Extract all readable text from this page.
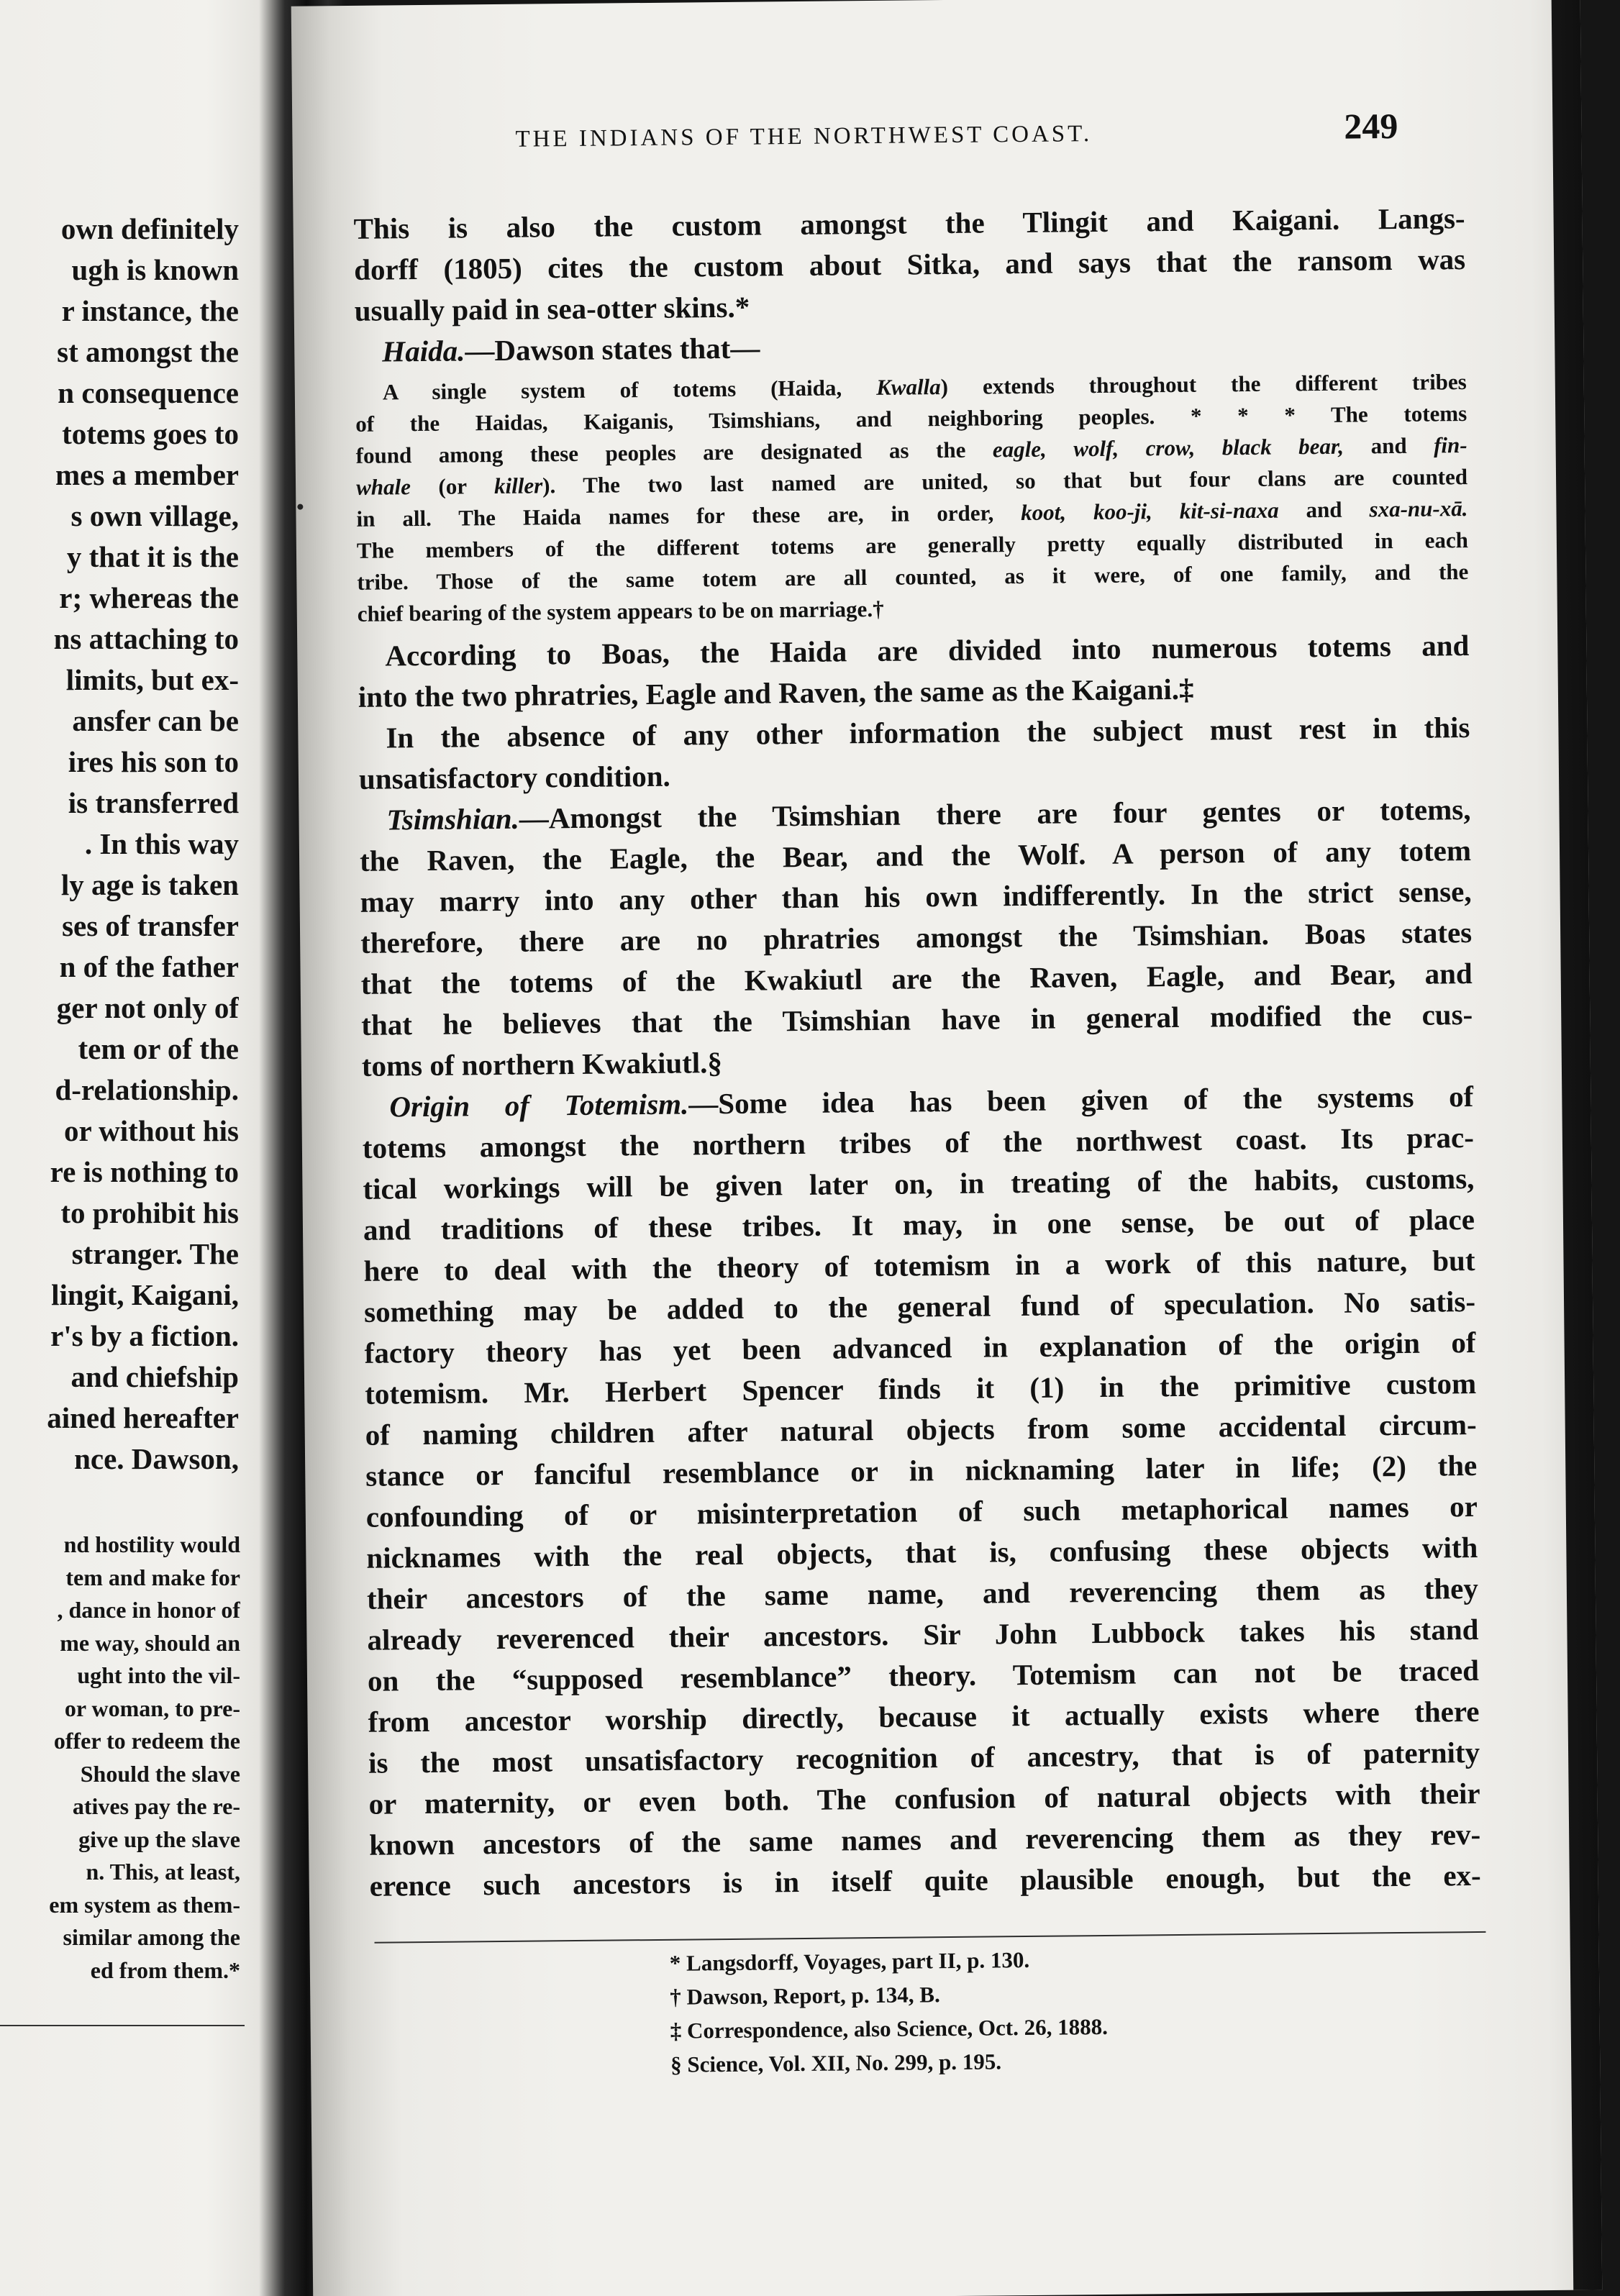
own definitely
ugh is known
r instance, the
st amongst the
n consequence
totems goes to
mes a member
s own village,
y that it is the
r; whereas the
ns attaching to
limits, but ex-
ansfer can be
ires his son to
is transferred
. In this way
ly age is taken
ses of transfer
n of the father
ger not only of
tem or of the
d-relationship.
or without his
re is nothing to
to prohibit his
stranger. The
lingit, Kaigani,
r's by a fiction.
and chiefship
ained hereafter
nce. Dawson,
nd hostility would
tem and make for
, dance in honor of
me way, should an
ught into the vil-
or woman, to pre-
offer to redeem the
Should the slave
atives pay the re-
give up the slave
n. This, at least,
em system as them-
similar among the
ed from them.*
THE INDIANS OF THE NORTHWEST COAST.	249
This is also the custom amongst the Tlingit and Kaigani. Langs-
dorff (1805) cites the custom about Sitka, and says that the ransom was
usually paid in sea-otter skins.*
Haida.—Dawson states that—
A single system of totems (Haida, Kwalla) extends throughout the different tribes
of the Haidas, Kaiganis, Tsimshians, and neighboring peoples. * * * The totems
found among these peoples are designated as the eagle, wolf, crow, black bear, and fin-
whale (or killer). The two last named are united, so that but four clans are counted
in all. The Haida names for these are, in order, koot, koo-ji, kit-si-naxa and sxa-nu-xā.
The members of the different totems are generally pretty equally distributed in each
tribe. Those of the same totem are all counted, as it were, of one family, and the
chief bearing of the system appears to be on marriage.†
According to Boas, the Haida are divided into numerous totems and
into the two phratries, Eagle and Raven, the same as the Kaigani.‡
In the absence of any other information the subject must rest in this
unsatisfactory condition.
Tsimshian.—Amongst the Tsimshian there are four gentes or totems,
the Raven, the Eagle, the Bear, and the Wolf. A person of any totem
may marry into any other than his own indifferently. In the strict sense,
therefore, there are no phratries amongst the Tsimshian. Boas states
that the totems of the Kwakiutl are the Raven, Eagle, and Bear, and
that he believes that the Tsimshian have in general modified the cus-
toms of northern Kwakiutl.§
Origin of Totemism.—Some idea has been given of the systems of
totems amongst the northern tribes of the northwest coast. Its prac-
tical workings will be given later on, in treating of the habits, customs,
and traditions of these tribes. It may, in one sense, be out of place
here to deal with the theory of totemism in a work of this nature, but
something may be added to the general fund of speculation. No satis-
factory theory has yet been advanced in explanation of the origin of
totemism. Mr. Herbert Spencer finds it (1) in the primitive custom
of naming children after natural objects from some accidental circum-
stance or fanciful resemblance or in nicknaming later in life; (2) the
confounding of or misinterpretation of such metaphorical names or
nicknames with the real objects, that is, confusing these objects with
their ancestors of the same name, and reverencing them as they
already reverenced their ancestors. Sir John Lubbock takes his stand
on the “supposed resemblance” theory. Totemism can not be traced
from ancestor worship directly, because it actually exists where there
is the most unsatisfactory recognition of ancestry, that is of paternity
or maternity, or even both. The confusion of natural objects with their
known ancestors of the same names and reverencing them as they rev-
erence such ancestors is in itself quite plausible enough, but the ex-
* Langsdorff, Voyages, part II, p. 130.
† Dawson, Report, p. 134, B.
‡ Correspondence, also Science, Oct. 26, 1888.
§ Science, Vol. XII, No. 299, p. 195.
